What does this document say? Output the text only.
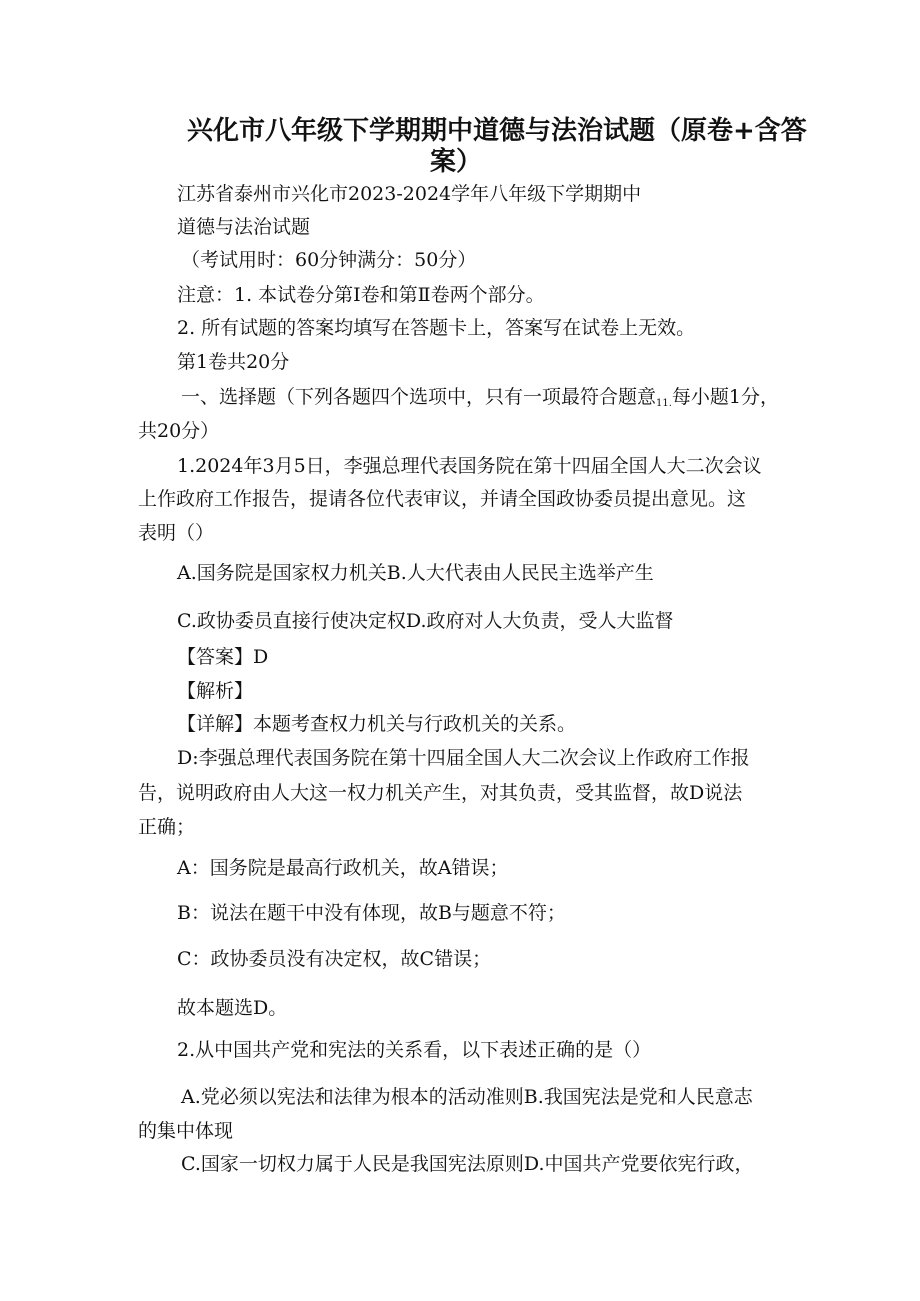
兴化市八年级下学期期中道德与法治试题（原卷+含答
案）
江苏省泰州市兴化市2023-2024学年八年级下学期期中
道德与法治试题
（考试用时：60分钟满分：50分）
注意：1. 本试卷分第Ⅰ卷和第Ⅱ卷两个部分。
2. 所有试题的答案均填写在答题卡上，答案写在试卷上无效。
第1卷共20分
一、选择题（下列各题四个选项中，只有一项最符合题意11.每小题1分，
共20分）
1.2024年3月5日，李强总理代表国务院在第十四届全国人大二次会议
上作政府工作报告，提请各位代表审议，并请全国政协委员提出意见。这
表明（）
A.国务院是国家权力机关B.人大代表由人民民主选举产生
C.政协委员直接行使决定权D.政府对人大负责，受人大监督
【答案】D
【解析】
【详解】本题考查权力机关与行政机关的关系。
D:李强总理代表国务院在第十四届全国人大二次会议上作政府工作报
告，说明政府由人大这一权力机关产生，对其负责，受其监督，故D说法
正确；
A：国务院是最高行政机关，故A错误；
B：说法在题干中没有体现，故B与题意不符；
C：政协委员没有决定权，故C错误；
故本题选D。
2.从中国共产党和宪法的关系看，以下表述正确的是（）
A.党必须以宪法和法律为根本的活动准则B.我国宪法是党和人民意志
的集中体现
C.国家一切权力属于人民是我国宪法原则D.中国共产党要依宪行政，
